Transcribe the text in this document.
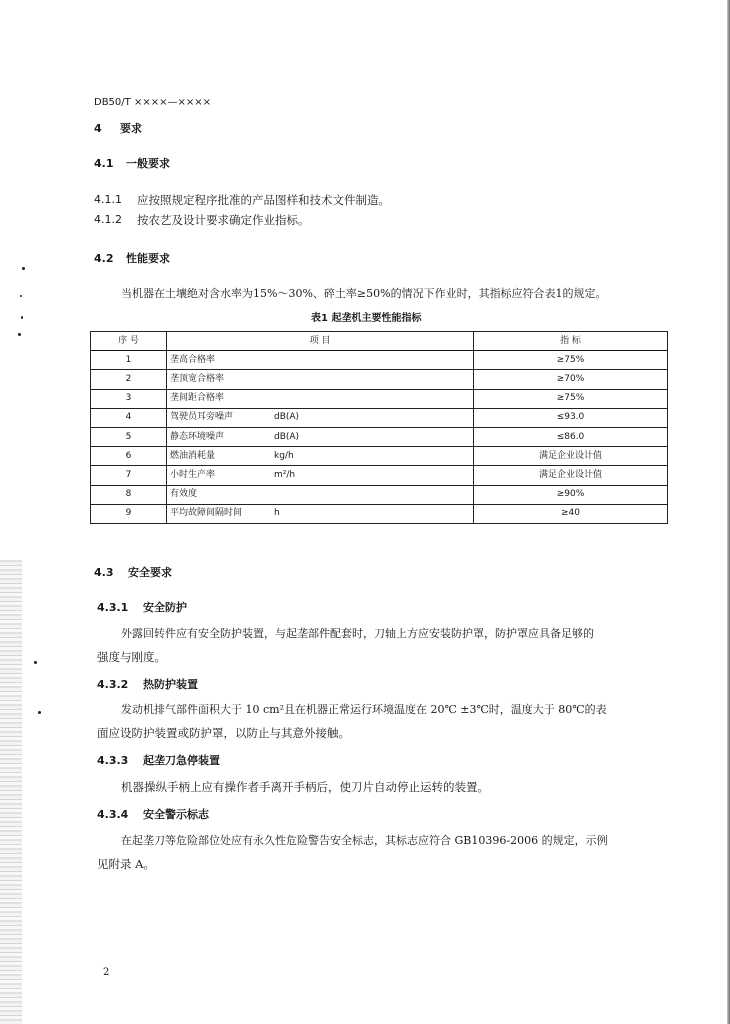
DB50/T ××××—××××
4 要求
4.1 一般要求
4.1.1 应按照规定程序批准的产品图样和技术文件制造。
4.1.2 按农艺及设计要求确定作业指标。
4.2 性能要求
当机器在土壤绝对含水率为15%～30%、碎土率≥50%的情况下作业时，其指标应符合表1的规定。
表1 起垄机主要性能指标
序 号	项 目	指 标
1	垄高合格率	≥75%
2	垄顶宽合格率	≥70%
3	垄间距合格率	≥75%
4	驾驶员耳旁噪声 dB(A)	≤93.0
5	静态环境噪声 dB(A)	≤86.0
6	燃油消耗量 kg/h	满足企业设计值
7	小时生产率 m²/h	满足企业设计值
8	有效度	≥90%
9	平均故障间隔时间 h	≥40
4.3 安全要求
4.3.1 安全防护
外露回转件应有安全防护装置，与起垄部件配套时，刀轴上方应安装防护罩，防护罩应具备足够的
强度与刚度。
4.3.2 热防护装置
发动机排气部件面积大于 10 cm²且在机器正常运行环境温度在 20℃ ±3℃时，温度大于 80℃的表
面应设防护装置或防护罩，以防止与其意外接触。
4.3.3 起垄刀急停装置
机器操纵手柄上应有操作者手离开手柄后，使刀片自动停止运转的装置。
4.3.4 安全警示标志
在起垄刀等危险部位处应有永久性危险警告安全标志，其标志应符合 GB10396-2006 的规定，示例
见附录 A。
2
